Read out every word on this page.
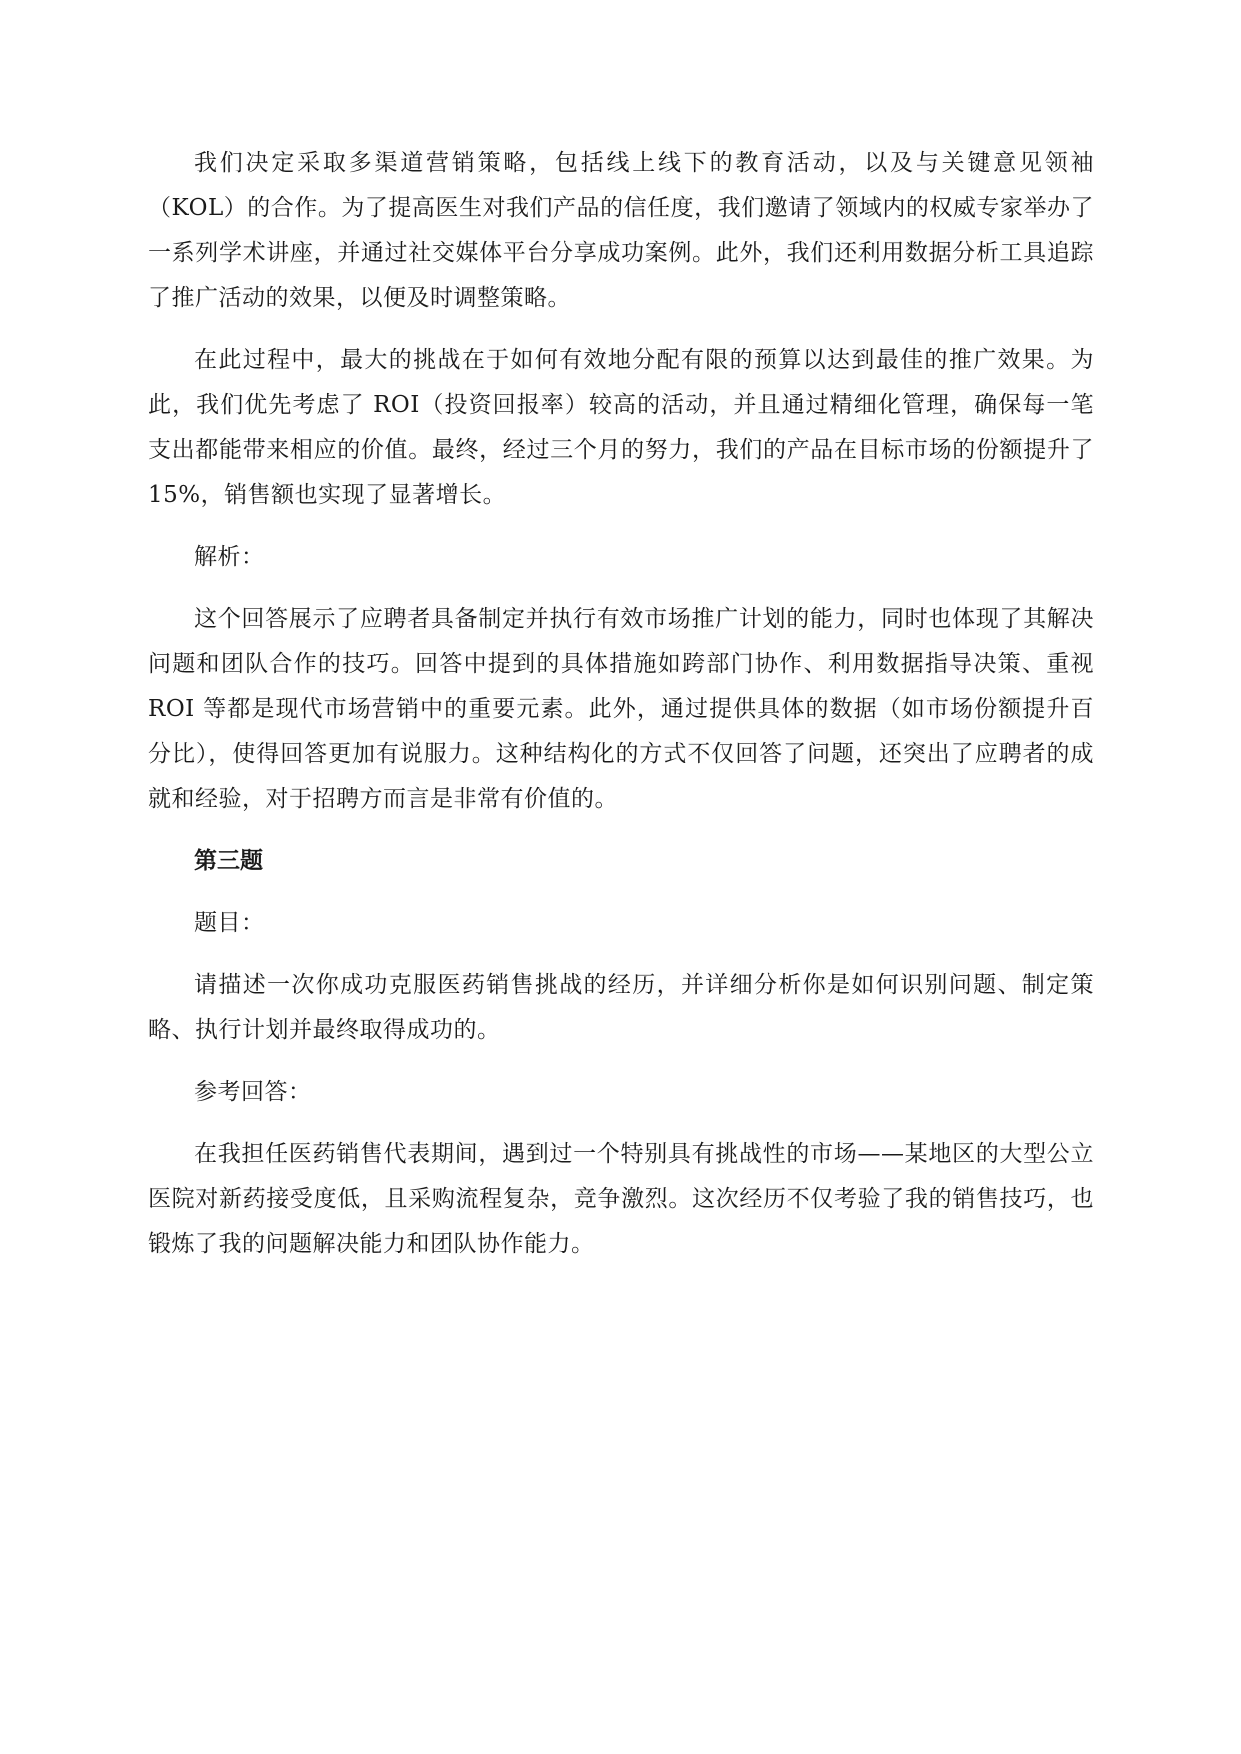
我们决定采取多渠道营销策略，包括线上线下的教育活动，以及与关键意见领袖（KOL）的合作。为了提高医生对我们产品的信任度，我们邀请了领域内的权威专家举办了一系列学术讲座，并通过社交媒体平台分享成功案例。此外，我们还利用数据分析工具追踪了推广活动的效果，以便及时调整策略。

在此过程中，最大的挑战在于如何有效地分配有限的预算以达到最佳的推广效果。为此，我们优先考虑了 ROI（投资回报率）较高的活动，并且通过精细化管理，确保每一笔支出都能带来相应的价值。最终，经过三个月的努力，我们的产品在目标市场的份额提升了 15%，销售额也实现了显著增长。

解析：

这个回答展示了应聘者具备制定并执行有效市场推广计划的能力，同时也体现了其解决问题和团队合作的技巧。回答中提到的具体措施如跨部门协作、利用数据指导决策、重视 ROI 等都是现代市场营销中的重要元素。此外，通过提供具体的数据（如市场份额提升百分比），使得回答更加有说服力。这种结构化的方式不仅回答了问题，还突出了应聘者的成就和经验，对于招聘方而言是非常有价值的。

第三题

题目：

请描述一次你成功克服医药销售挑战的经历，并详细分析你是如何识别问题、制定策略、执行计划并最终取得成功的。

参考回答：

在我担任医药销售代表期间，遇到过一个特别具有挑战性的市场——某地区的大型公立医院对新药接受度低，且采购流程复杂，竞争激烈。这次经历不仅考验了我的销售技巧，也锻炼了我的问题解决能力和团队协作能力。
